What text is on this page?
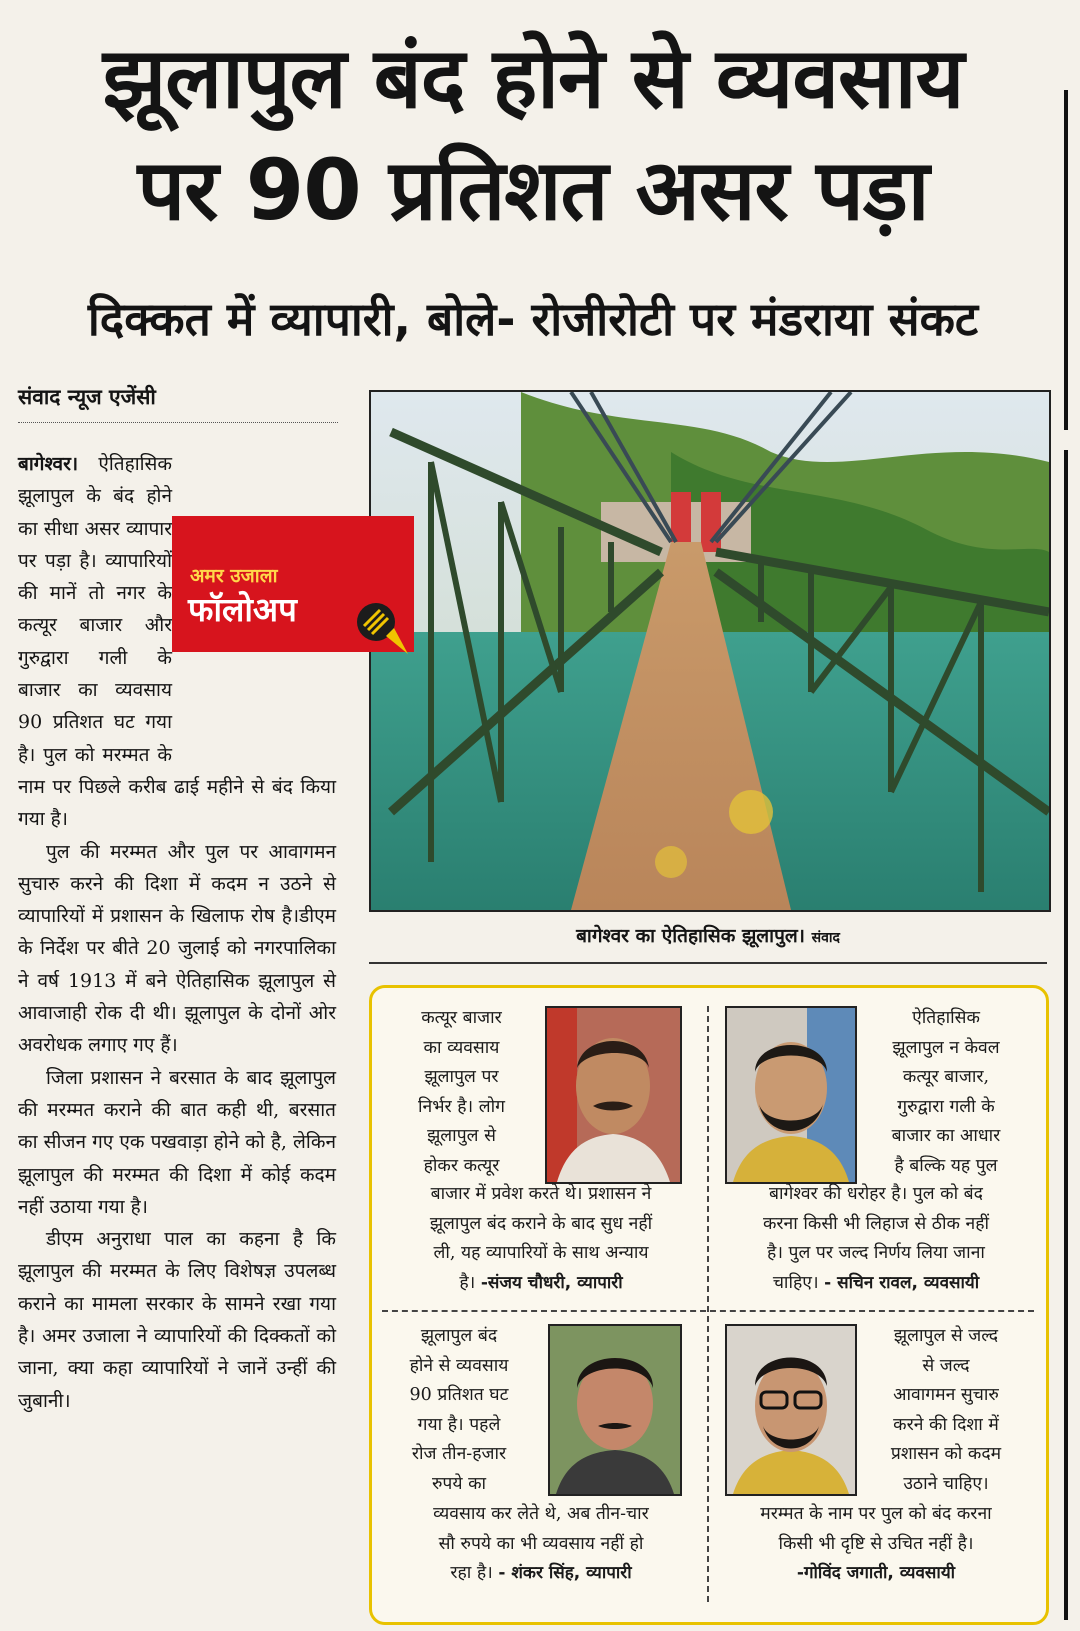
झूलापुल बंद होने से व्यवसाय
पर 90 प्रतिशत असर पड़ा
दिक्कत में व्यापारी, बोले- रोजीरोटी पर मंडराया संकट
संवाद न्यूज एजेंसी

बागेश्वर। ऐतिहासिक झूलापुल के बंद होने का सीधा असर व्यापार पर पड़ा है। व्यापारियों की मानें तो नगर के कत्यूर बाजार और गुरुद्वारा गली के बाजार का व्यवसाय 90 प्रतिशत घट गया है। पुल को मरम्मत के नाम पर पिछले करीब ढाई महीने से बंद किया गया है।

पुल की मरम्मत और पुल पर आवागमन सुचारु करने की दिशा में कदम न उठने से व्यापारियों में प्रशासन के खिलाफ रोष है।डीएम के निर्देश पर बीते 20 जुलाई को नगरपालिका ने वर्ष 1913 में बने ऐतिहासिक झूलापुल से आवाजाही रोक दी थी। झूलापुल के दोनों ओर अवरोधक लगाए गए हैं।

जिला प्रशासन ने बरसात के बाद झूलापुल की मरम्मत कराने की बात कही थी, बरसात का सीजन गए एक पखवाड़ा होने को है, लेकिन झूलापुल की मरम्मत की दिशा में कोई कदम नहीं उठाया गया है।

डीएम अनुराधा पाल का कहना है कि झूलापुल की मरम्मत के लिए विशेषज्ञ उपलब्ध कराने का मामला सरकार के सामने रखा गया है। अमर उजाला ने व्यापारियों की दिक्कतों को जाना, क्या कहा व्यापारियों ने जानें उन्हीं की जुबानी।

अमर उजाला
फॉलोअप
बागेश्वर का ऐतिहासिक झूलापुल। संवाद
कत्यूर बाजार
का व्यवसाय
झूलापुल पर
निर्भर है। लोग
झूलापुल से
होकर कत्यूर
बाजार में प्रवेश करते थे। प्रशासन ने
झूलापुल बंद कराने के बाद सुध नहीं
ली, यह व्यापारियों के साथ अन्याय
है। -संजय चौधरी, व्यापारी
ऐतिहासिक
झूलापुल न केवल
कत्यूर बाजार,
गुरुद्वारा गली के
बाजार का आधार
है बल्कि यह पुल
बागेश्वर की धरोहर है। पुल को बंद
करना किसी भी लिहाज से ठीक नहीं
है। पुल पर जल्द निर्णय लिया जाना
चाहिए। - सचिन रावल, व्यवसायी
झूलापुल बंद
होने से व्यवसाय
90 प्रतिशत घट
गया है। पहले
रोज तीन-हजार
रुपये का
व्यवसाय कर लेते थे, अब तीन-चार
सौ रुपये का भी व्यवसाय नहीं हो
रहा है। - शंकर सिंह, व्यापारी
झूलापुल से जल्द
से जल्द
आवागमन सुचारु
करने की दिशा में
प्रशासन को कदम
उठाने चाहिए।
मरम्मत के नाम पर पुल को बंद करना
किसी भी दृष्टि से उचित नहीं है।
-गोविंद जगाती, व्यवसायी
